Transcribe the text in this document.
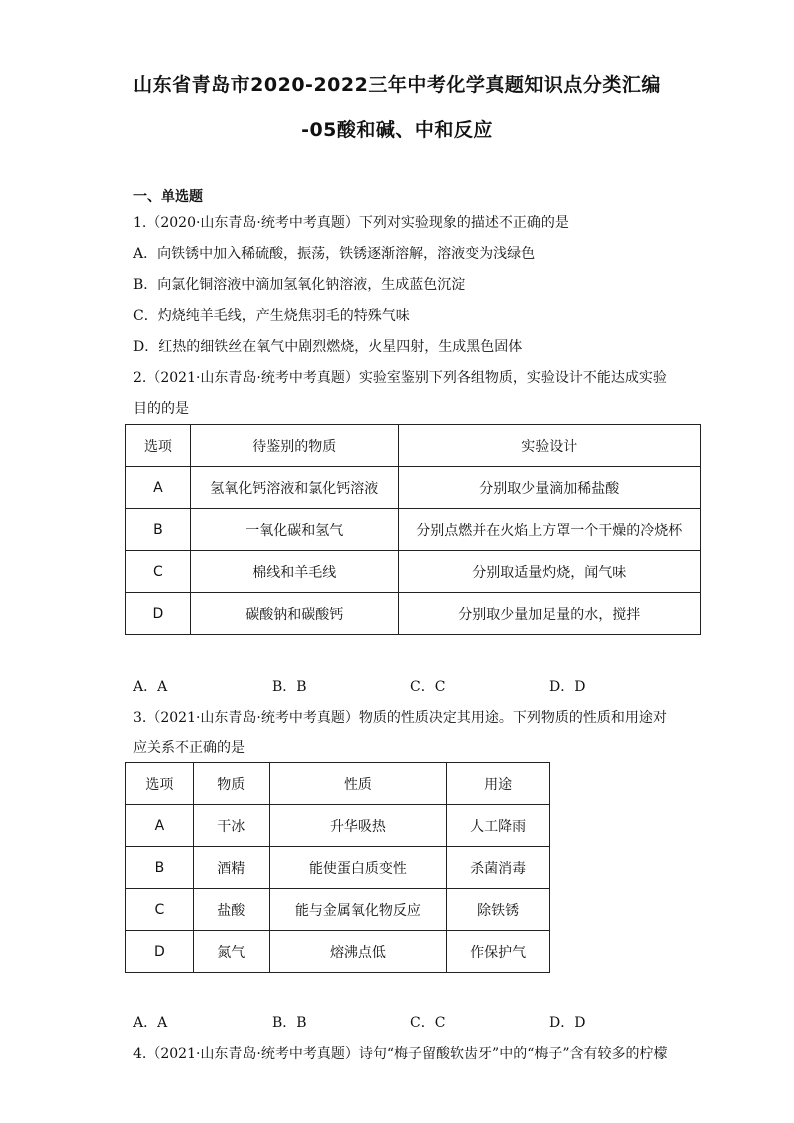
山东省青岛市2020-2022三年中考化学真题知识点分类汇编
-05酸和碱、中和反应
一、单选题
1.（2020·山东青岛·统考中考真题）下列对实验现象的描述不正确的是
A．向铁锈中加入稀硫酸，振荡，铁锈逐渐溶解，溶液变为浅绿色
B．向氯化铜溶液中滴加氢氧化钠溶液，生成蓝色沉淀
C．灼烧纯羊毛线，产生烧焦羽毛的特殊气味
D．红热的细铁丝在氧气中剧烈燃烧，火星四射，生成黑色固体
2.（2021·山东青岛·统考中考真题）实验室鉴别下列各组物质，实验设计不能达成实验
目的的是
选项	待鉴别的物质	实验设计
A	氢氧化钙溶液和氯化钙溶液	分别取少量滴加稀盐酸
B	一氧化碳和氢气	分别点燃并在火焰上方罩一个干燥的冷烧杯
C	棉线和羊毛线	分别取适量灼烧，闻气味
D	碳酸钠和碳酸钙	分别取少量加足量的水，搅拌
A．A	B．B	C．C	D．D
3.（2021·山东青岛·统考中考真题）物质的性质决定其用途。下列物质的性质和用途对
应关系不正确的是
选项	物质	性质	用途
A	干冰	升华吸热	人工降雨
B	酒精	能使蛋白质变性	杀菌消毒
C	盐酸	能与金属氧化物反应	除铁锈
D	氮气	熔沸点低	作保护气
A．A	B．B	C．C	D．D
4.（2021·山东青岛·统考中考真题）诗句“梅子留酸软齿牙”中的“梅子”含有较多的柠檬
